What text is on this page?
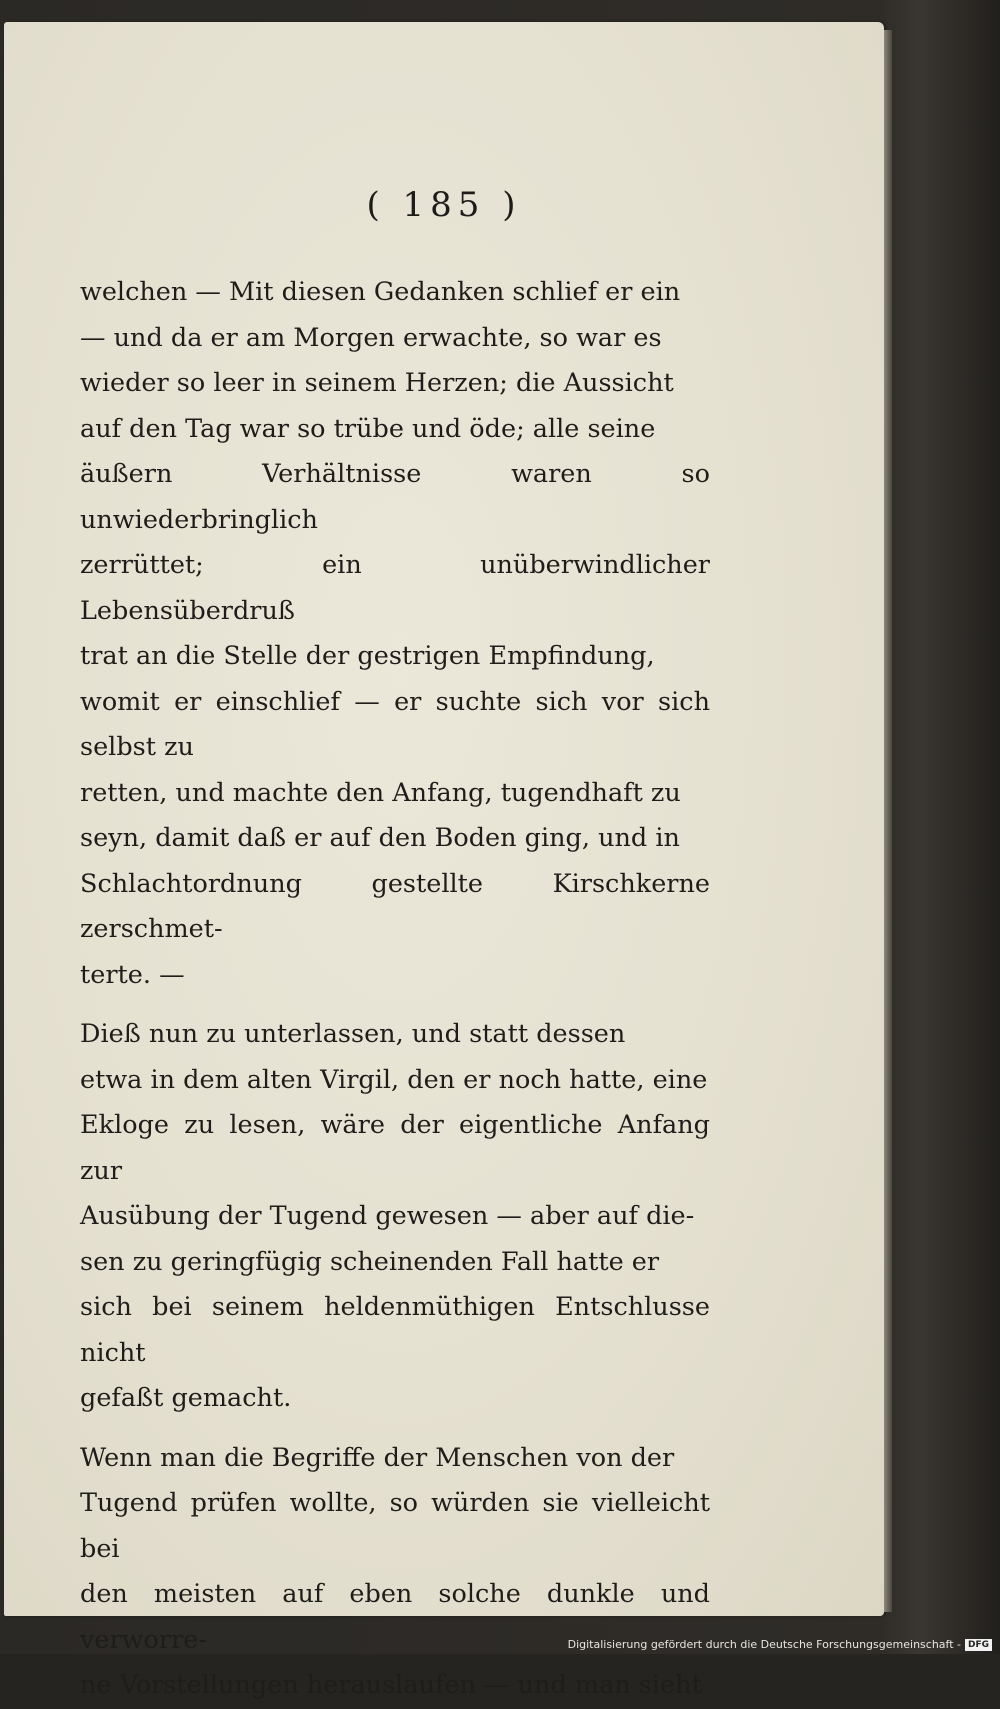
( 185 )

welchen — Mit diesen Gedanken schlief er ein
— und da er am Morgen erwachte, so war es
wieder so leer in seinem Herzen; die Aussicht
auf den Tag war so trübe und öde; alle seine
äußern Verhältnisse waren so unwiederbringlich
zerrüttet; ein unüberwindlicher Lebensüberdruß
trat an die Stelle der gestrigen Empfindung,
womit er einschlief — er suchte sich vor sich selbst zu
retten, und machte den Anfang, tugendhaft zu
seyn, damit daß er auf den Boden ging, und in
Schlachtordnung gestellte Kirschkerne zerschmet-
terte. —

Dieß nun zu unterlassen, und statt dessen
etwa in dem alten Virgil, den er noch hatte, eine
Ekloge zu lesen, wäre der eigentliche Anfang zur
Ausübung der Tugend gewesen — aber auf die-
sen zu geringfügig scheinenden Fall hatte er
sich bei seinem heldenmüthigen Entschlusse nicht
gefaßt gemacht.

Wenn man die Begriffe der Menschen von der
Tugend prüfen wollte, so würden sie vielleicht bei
den meisten auf eben solche dunkle und verworre-
ne Vorstellungen herauslaufen — und man sieht

Digitalisierung gefördert durch die Deutsche Forschungsgemeinschaft - DFG
